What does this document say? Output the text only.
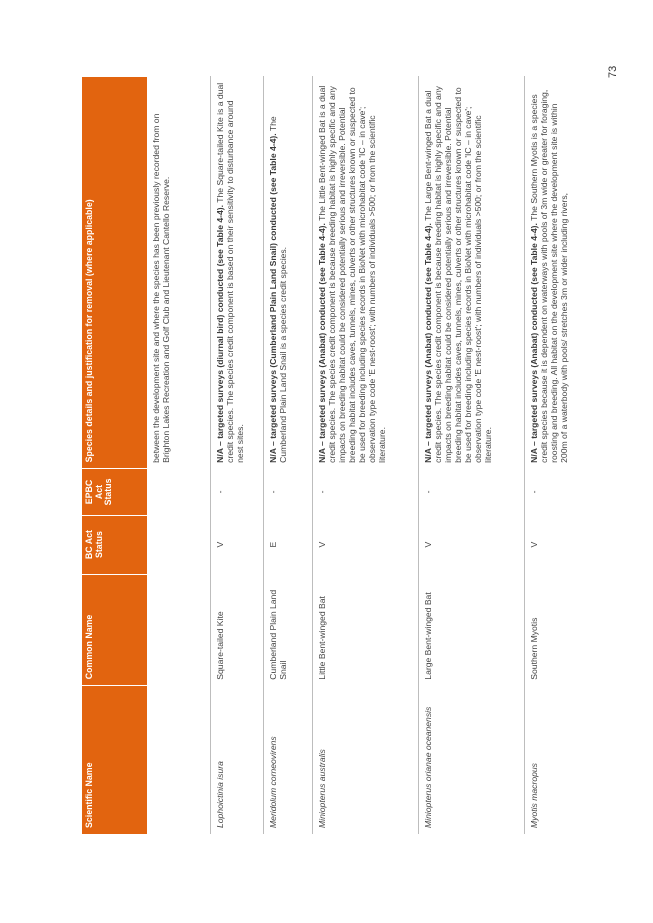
73
Scientific Name	Common Name	BC Act Status	EPBC Act Status	Species details and justification for removal (where applicable)
				between the development site and where the species has been previously recorded from on Brighton Lakes Recreation and Golf Club and Lieutenant Cantello Reserve.
Lophoictinia isura	Square-tailed Kite	V	-	N/A – targeted surveys (diurnal bird) conducted (see Table 4-4). The Square-tailed Kite is a dual credit species. The species credit component is based on their sensitivity to disturbance around nest sites.
Meridolum corneovirens	Cumberland Plain Land Snail	E	-	N/A – targeted surveys (Cumberland Plain Land Snail) conducted (see Table 4-4). The Cumberland Plain Land Snail is a species credit species.
Miniopterus australis	Little Bent-winged Bat	V	-	N/A – targeted surveys (Anabat) conducted (see Table 4-4). The Little Bent-winged Bat is a dual credit species. The species credit component is because breeding habitat is highly specific and any impacts on breeding habitat could be considered potentially serious and irreversible. Potential breeding habitat includes caves, tunnels, mines, culverts or other structures known or suspected to be used for breeding including species records in BioNet with microhabitat code 'IC – in cave'; observation type code 'E nest-roost'; with numbers of individuals >500; or from the scientific literature.
Miniopterus orianae oceanensis	Large Bent-winged Bat	V	-	N/A – targeted surveys (Anabat) conducted (see Table 4-4). The Large Bent-winged Bat a dual credit species. The species credit component is because breeding habitat is highly specific and any impacts on breeding habitat could be considered potentially serious and irreversible. Potential breeding habitat includes caves, tunnels, mines, culverts or other structures known or suspected to be used for breeding including species records in BioNet with microhabitat code 'IC – in cave'; observation type code 'E nest-roost'; with numbers of individuals >500; or from the scientific literature.
Myotis macropus	Southern Myotis	V	-	N/A – targeted surveys (Anabat) conducted (see Table 4-4). The Southern Myotis is a species credit species because it is dependent on waterways with pools of 3m wide or greater for foraging, roosting and breeding. All habitat on the development site where the development site is within 200m of a waterbody with pools/ stretches 3m or wider including rivers,
